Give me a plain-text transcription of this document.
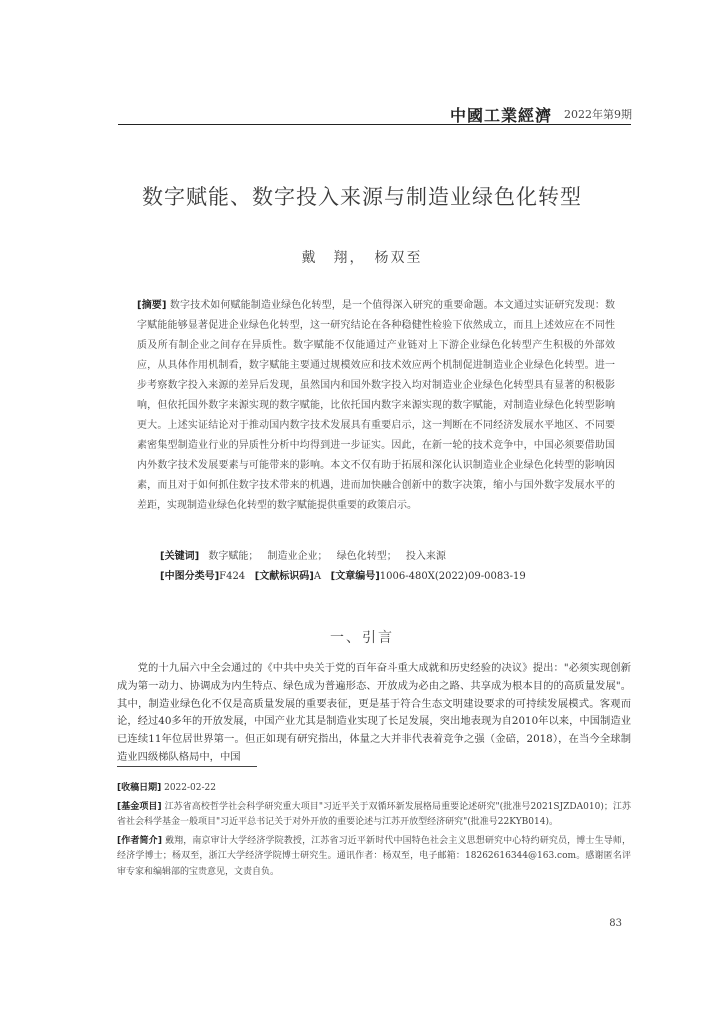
中國工業經濟 2022年第9期
数字赋能、数字投入来源与制造业绿色化转型
戴　翔，　杨双至
[摘要] 数字技术如何赋能制造业绿色化转型，是一个值得深入研究的重要命题。本文通过实证研究发现：数字赋能能够显著促进企业绿色化转型，这一研究结论在各种稳健性检验下依然成立，而且上述效应在不同性质及所有制企业之间存在异质性。数字赋能不仅能通过产业链对上下游企业绿色化转型产生积极的外部效应，从具体作用机制看，数字赋能主要通过规模效应和技术效应两个机制促进制造业企业绿色化转型。进一步考察数字投入来源的差异后发现，虽然国内和国外数字投入均对制造业企业绿色化转型具有显著的积极影响，但依托国外数字来源实现的数字赋能，比依托国内数字来源实现的数字赋能，对制造业绿色化转型影响更大。上述实证结论对于推动国内数字技术发展具有重要启示，这一判断在不同经济发展水平地区、不同要素密集型制造业行业的异质性分析中均得到进一步证实。因此，在新一轮的技术竞争中，中国必须要借助国内外数字技术发展要素与可能带来的影响。本文不仅有助于拓展和深化认识制造业企业绿色化转型的影响因素，而且对于如何抓住数字技术带来的机遇，进而加快融合创新中的数字决策，缩小与国外数字发展水平的差距，实现制造业绿色化转型的数字赋能提供重要的政策启示。
[关键词] 数字赋能； 制造业企业； 绿色化转型； 投入来源
[中图分类号]F424 [文献标识码]A [文章编号]1006-480X(2022)09-0083-19
一、引言
党的十九届六中全会通过的《中共中央关于党的百年奋斗重大成就和历史经验的决议》提出："必须实现创新成为第一动力、协调成为内生特点、绿色成为普遍形态、开放成为必由之路、共享成为根本目的的高质量发展"。其中，制造业绿色化不仅是高质量发展的重要表征，更是基于符合生态文明建设要求的可持续发展模式。客观而论，经过40多年的开放发展，中国产业尤其是制造业实现了长足发展，突出地表现为自2010年以来，中国制造业已连续11年位居世界第一。但正如现有研究指出，体量之大并非代表着竞争之强（金碚，2018），在当今全球制造业四级梯队格局中，中国

[收稿日期] 2022-02-22

[基金项目] 江苏省高校哲学社会科学研究重大项目"习近平关于双循环新发展格局重要论述研究"(批准号2021SJZDA010)；江苏省社会科学基金一般项目"习近平总书记关于对外开放的重要论述与江苏开放型经济研究"(批准号22KYB014)。

[作者简介] 戴翔，南京审计大学经济学院教授，江苏省习近平新时代中国特色社会主义思想研究中心特约研究员，博士生导师，经济学博士；杨双至，浙江大学经济学院博士研究生。通讯作者：杨双至，电子邮箱：18262616344@163.com。感谢匿名评审专家和编辑部的宝贵意见，文责自负。

83
